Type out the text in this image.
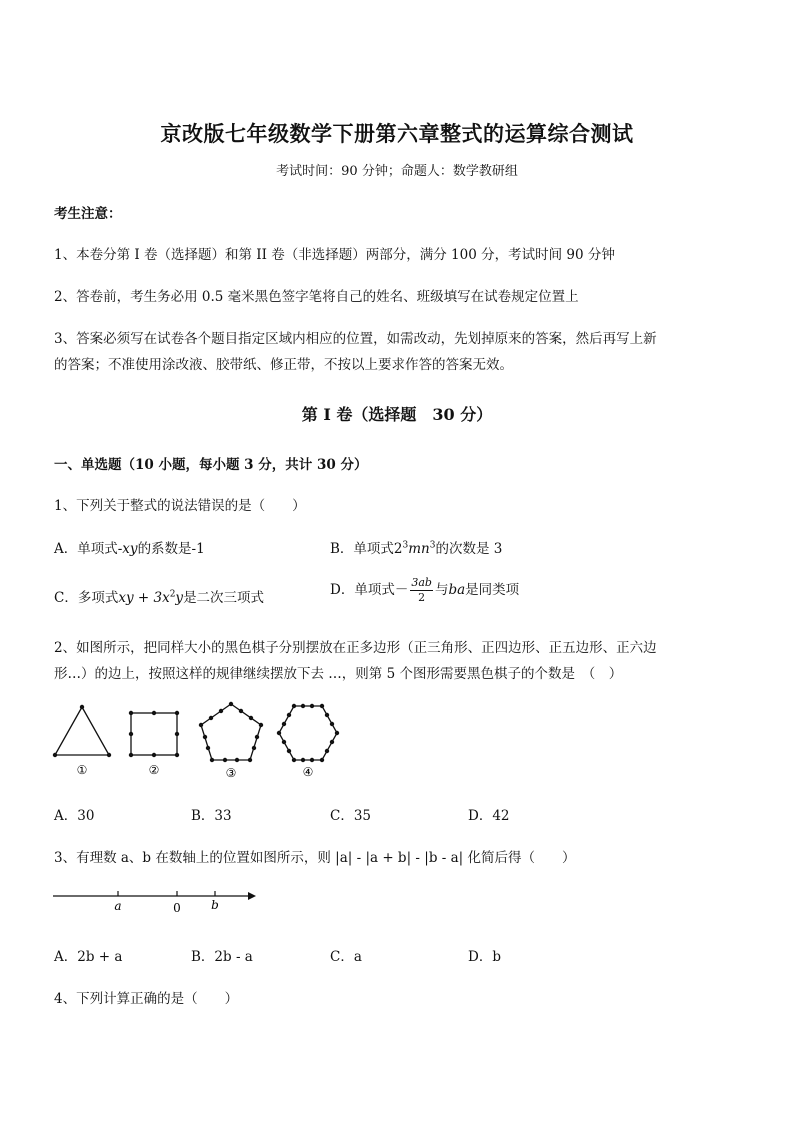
京改版七年级数学下册第六章整式的运算综合测试
考试时间：90 分钟；命题人：数学教研组
考生注意：
1、本卷分第 I 卷（选择题）和第 II 卷（非选择题）两部分，满分 100 分，考试时间 90 分钟
2、答卷前，考生务必用 0.5 毫米黑色签字笔将自己的姓名、班级填写在试卷规定位置上
3、答案必须写在试卷各个题目指定区域内相应的位置，如需改动，先划掉原来的答案，然后再写上新
的答案；不准使用涂改液、胶带纸、修正带，不按以上要求作答的答案无效。
第 I 卷（选择题　30 分）
一、单选题（10 小题，每小题 3 分，共计 30 分）
1、下列关于整式的说法错误的是（　　）
A．单项式-xy的系数是-1	B．单项式$2^3mn^3$的次数是 3
C．多项式xy + $3x^2y$是二次三项式	D．单项式－ $\frac{3ab}{2}$ 与ba是同类项
2、如图所示，把同样大小的黑色棋子分别摆放在正多边形（正三角形、正四边形、正五边形、正六边
形…）的边上，按照这样的规律继续摆放下去 …，则第 5 个图形需要黑色棋子的个数是　（　）
①	②	③	④
A．30	B．33	C．35	D．42
3、有理数 a、b 在数轴上的位置如图所示，则 |a| - |a + b| - |b - a| 化简后得（　　）
a	0	b
A．2b + a	B．2b - a	C．a	D．b
4、下列计算正确的是（　　）
